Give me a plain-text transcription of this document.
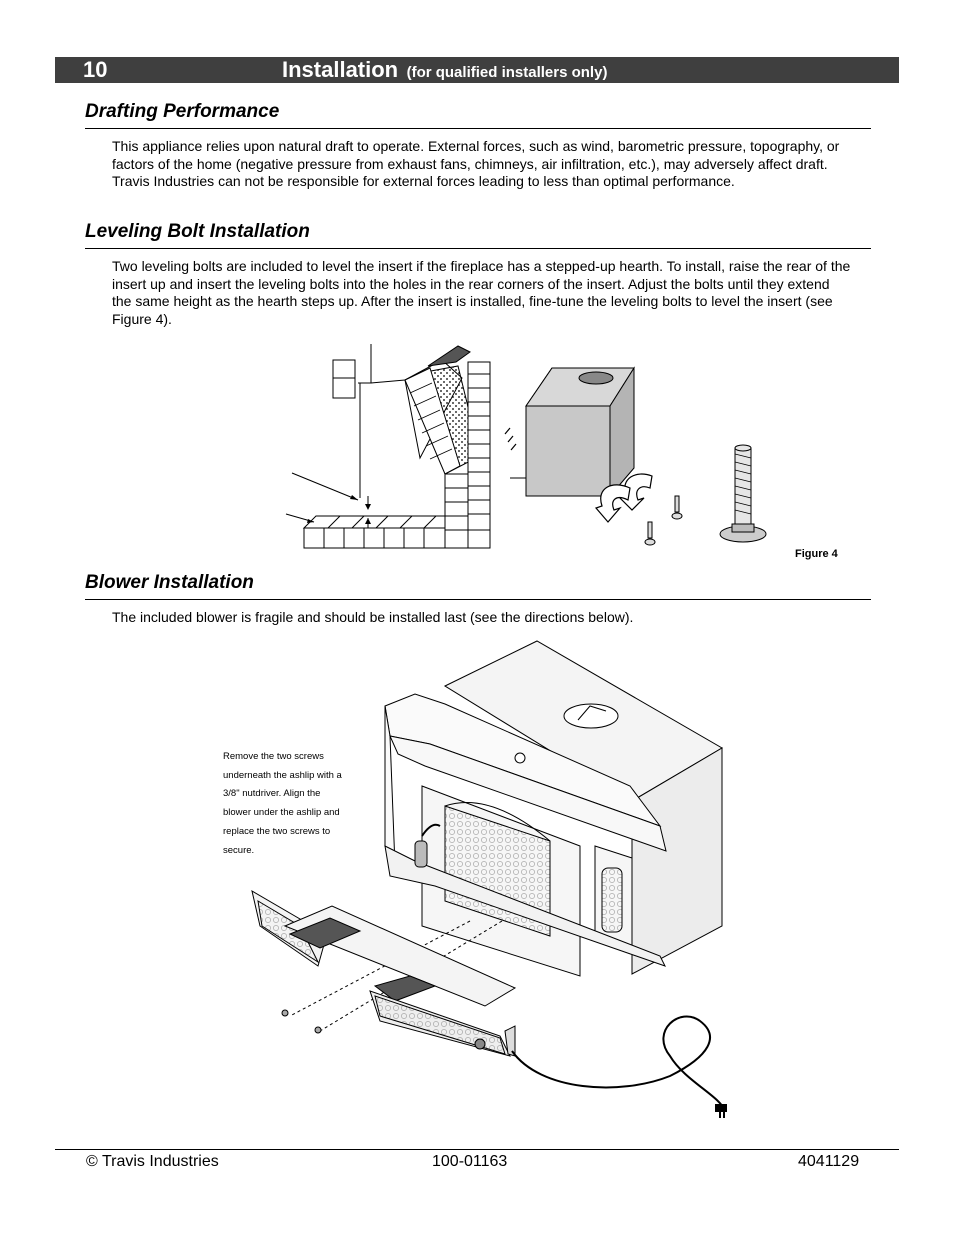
10	Installation (for qualified installers only)
Drafting Performance

This appliance relies upon natural draft to operate. External forces, such as wind, barometric pressure, topography, or factors of the home (negative pressure from exhaust fans, chimneys, air infiltration, etc.), may adversely affect draft. Travis Industries can not be responsible for external forces leading to less than optimal performance.

Leveling Bolt Installation

Two leveling bolts are included to level the insert if the fireplace has a stepped-up hearth. To install, raise the rear of the insert up and insert the leveling bolts into the holes in the rear corners of the insert. Adjust the bolts until they extend the same height as the hearth steps up. After the insert is installed, fine-tune the leveling bolts to level the insert (see Figure 4).

Figure 4
Blower Installation

The included blower is fragile and should be installed last (see the directions below).

Remove the two screws underneath the ashlip with a 3/8" nutdriver. Align the blower under the ashlip and replace the two screws to secure.
© Travis Industries	100-01163	4041129
